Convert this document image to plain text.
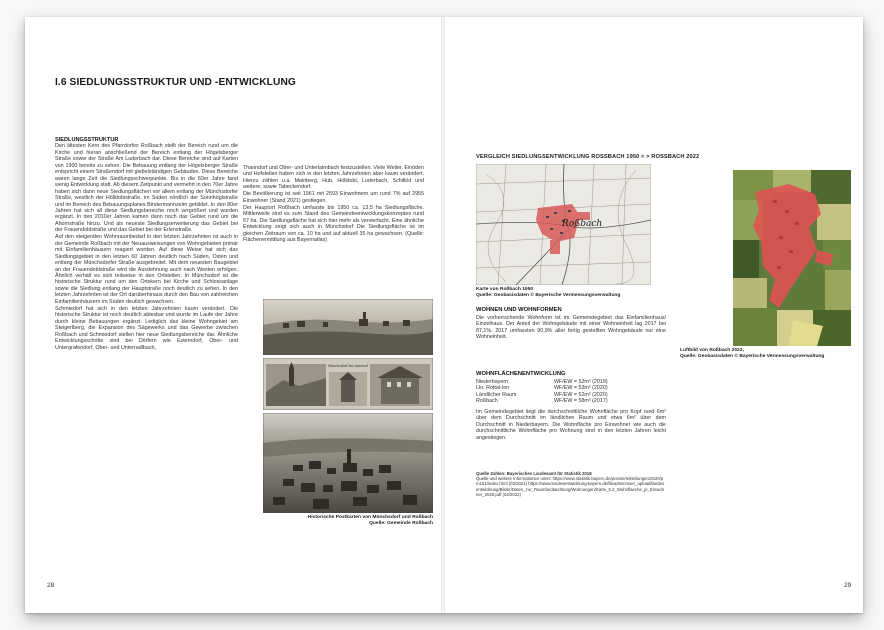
I.6 SIEDLUNGSSTRUKTUR UND -ENTWICKLUNG
SIEDLUNGSSTRUKTUR

Den ältesten Kern des Pfarrdorfes Roßbach stellt der Bereich rund um die Kirche und hieran anschließend der Bereich entlang der Högelsberger Straße sowie der Straße Am Luderbach dar. Diese Bereiche sind auf Karten von 1900 bereits zu sehen. Die Bebauung entlang der Högelsberger Straße entspricht einem Straßendorf mit giebelständigen Gebäuden. Diese Bereiche waren lange Zeit die Siedlungsschwerpunkte. Bis in die 60er Jahre fand wenig Entwicklung statt. Ab diesem Zeitpunkt und vermehrt in den 70er Jahre haben sich dann neue Siedlungsflächen vor allem entlang der Münchsdorfer Straße, westlich der Hölldobistraße, im Süden nördlich der Sonnhöglstraße und im Bereich des Bebauungsplanes Bindermannzeim gebildet. In den 80er Jahren hat sich all diese Siedlungsbereiche noch vergrößert und wurden ergänzt. In den 2010er Jahren kamen dann noch das Gebiet rund um die Ahornstraße hinzu. Und als neueste Siedlungserweiterung das Gebiet bei der Frauendoblstraße und das Gebiet bei der Erlenstraße.

Auf den steigenden Wohnraumbedarf in den letzten Jahrzehnten ist auch in der Gemeinde Roßbach mit der Neuausweisungen von Wohngebieten primär mit Einfamilienhäusern reagiert worden. Auf diese Weise hat sich das Siedlungsgebiet in den letzten 60 Jahren deutlich nach Süden, Osten und entlang der Münchsdorfer Straße ausgebreitet. Mit dem neuesten Baugebiet an der Frauendoblstraße wird die Ausdehnung auch nach Westen erfolgen. Ähnlich verhält es sich teilweise in den Ortsteilen. In Münchsdorf ist die historische Struktur rund um den Ortskern bei Kirche und Schlossanlage sowie die Siedlung entlang der Hauptstraße noch deutlich zu sehen. In den letzten Jahrzehnten ist der Ort darüberhinaus durch den Bau von zahlreichen Einfamilienhäusern im Süden deutlich gewachsen.

Schmiedorf hat sich in den letzten Jahrzehnten kaum verändert. Die historische Struktur ist noch deutlich ablesbar und wurde im Laufe der Jahre durch kleine Bebauungen ergänzt. Lediglich das kleine Wohngebiet am Steigerlberg, die Expansion des Sägewerks und das Gewerbe zwischen Roßbach und Schmiedorf stellen hier neue Siedlungsbereiche dar. Ähnliche Entwicklungsschritte sind bei Dörfern wie Esterndorf, Ober- und Untergrafendorf, Ober- und Unterradlbach,

Thanndorf und Ober- und Unterlaimbach festzustellen. Viele Weiler, Einöden und Hofstellen haben sich in den letzten Jahrzehnten aber kaum verändert. Hierzu zählen u.a. Mainberg, Hub, Hölldobl, Luderbach, Schillöd und weitere, sowie Tabeckendorf.

Die Bevölkerung ist seit 1961 mit 2593 Einwohnern um rund 7% auf 2955 Einwohner (Stand 2021) gestiegen.

Der Hauptort Roßbach umfasste bis 1950 ca. 13,5 ha Siedlungsfläche. Mittlerweile sind es zum Stand des Gemeindeentwicklungskonzeptes rund 57 ha. Die Siedlungsfläche hat sich hier mehr als vervierfacht. Eine ähnliche Entwicklung zeigt sich auch in Münchsdorf Die Siedlungsfläche ist im gleichen Zeitraum von ca. 10 ha und auf aktuell 35 ha gewachsen. (Quelle: Flächenermittlung aus Bayernatlas)

Münchsdorf bei Arnstorf
Historische Postkarten von Münchsdorf und Roßbach
Quelle: Gemeinde Roßbach
28
VERGLEICH SIEDLUNGSENTWICKLUNG ROSSBACH 1950 < > ROSSBACH 2022
Roßbach
Karte von Roßbach 1950
Quelle: Geobasisdaten © Bayerische Vermessungsverwaltung
Luftbild von Roßbach 2022,
Quelle: Geobasisdaten © Bayerische Vermessungsverwaltung
WOHNEN UND WOHNFORMEN
Die vorherrschende Wohnform ist im Gemeindegebiet das Einfamilienhaus/ Einzelhaus. Der Anteil der Wohngebäude mit einer Wohneinheit lag 2017 bei 87,1%. 2017 umfassten 90,9% aller fertig gestellten Wohngebäude nur eine Wohneinheit.
WOHNFLÄCHENENTWICKLUNG
Niederbayern	WF/EW = 52m² (2019)
Lkr. Rottal-Inn	WF/EW = 53m² (2020)
Ländlicher Raum	WF/EW = 52m² (2020)
Roßbach	WF/EW = 58m² (2017)
Im Gemeindegebiet liegt die durchschnittliche Wohnfläche pro Kopf rund 6m² über dem Durchschnitt im ländlichen Raum und etwa 6m² über dem Durchschnitt in Niederbayern. Die Wohnfläche pro Einwohner wie auch die durchschnittliche Wohnfläche pro Wohnung sind in den letzten Jahren leicht angestiegen.
Quelle Zahlen: Bayerisches Landesamt für Statistik 2018
Quelle und weitere Informationen unter: https://www.statistik.bayern.de/presse/mitteilungen/2020/pm151/index.html (03/2021) https://www.landesentwicklung-bayern.de/fileadmin/user_upload/landesentwicklung/Bilder/Daten_zur_Raumbeobachtung/Wohnungen/Karte_5.2_Wohnflaeche_je_Einwohner_2020.pdf (02/2022)
29
